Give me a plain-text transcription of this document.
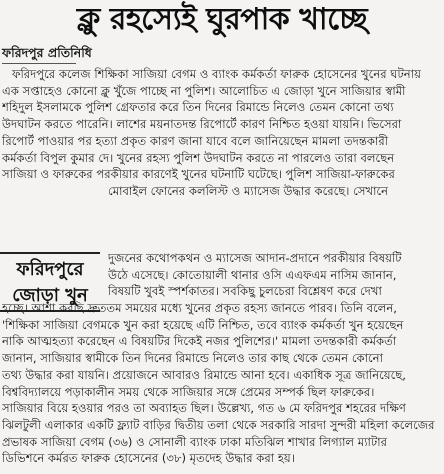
ক্লু রহস্যেই ঘুরপাক খাচ্ছে
ফরিদপুর প্রতিনিধি
ফরিদপুরে কলেজ শিক্ষিকা সাজিয়া বেগম ও ব্যাংক কর্মকর্তা ফারুক হোসেনের খুনের ঘটনায়
এক সপ্তাহেও কোনো ক্লু খুঁজে পাচ্ছে না পুলিশ। আলোচিত এ জোড়া খুনে সাজিয়ার স্বামী
শহিদুল ইসলামকে পুলিশ গ্রেফতার করে তিন দিনের রিমান্ডে নিলেও তেমন কোনো তথ্য
উদঘাটন করতে পারেনি। লাশের ময়নাতদন্ত রিপোর্টে কারণ নিশ্চিত হওয়া যায়নি। ভিসেরা
রিপোর্ট পাওয়ার পর হত্যা প্রকৃত কারণ জানা যাবে বলে জানিয়েছেন মামলা তদন্তকারী
কর্মকর্তা বিপুল কুমার দে। খুনের রহস্য পুলিশ উদঘাটন করতে না পারলেও তারা বলছেন
সাজিয়া ও ফারুকের পরকীয়ার কারণেই খুনের ঘটনাটি ঘটেছে। পুলিশ সাজিয়া-ফারুকের
মোবাইল ফোনের কললিস্ট ও ম্যাসেজ উদ্ধার করেছে। সেখানে
ফরিদপুরে
জোড়া খুন
দুজনের কথোপকথন ও ম্যাসেজ আদান-প্রদানে পরকীয়ার বিষয়টি
উঠে এসেছে। কোতোয়ালী থানার ওসি এএফএম নাসিম জানান,
বিষয়টি খুবই স্পর্শকাতর। সবকিছু চুলচেরা বিশ্লেষণ করে দেখা
হচ্ছে। আশা করছি দ্রুততম সময়ের মধ্যে খুনের প্রকৃত রহস্য জানতে পারব। তিনি বলেন,
'শিক্ষিকা সাজিয়া বেগমকে খুন করা হয়েছে এটি নিশ্চিত, তবে ব্যাংক কর্মকর্তা খুন হয়েছেন
নাকি আত্মহত্যা করেছেন এ বিষয়টির দিকেই নজর পুলিশের।' মামলা তদন্তকারী কর্মকর্তা
জানান, সাজিয়ার স্বামীকে তিন দিনের রিমান্ডে নিলেও তার কাছ থেকে তেমন কোনো
তথ্য উদ্ধার করা যায়নি। প্রয়োজনে আবারও রিমান্ডে আনা হবে। একাধিক সূত্র জানিয়েছে,
বিশ্ববিদ্যালয়ে পড়াকালীন সময় থেকে সাজিয়ার সঙ্গে প্রেমের সম্পর্ক ছিল ফারুকের।
সাজিয়ার বিয়ে হওয়ার পরও তা অব্যাহত ছিল। উল্লেখ্য, গত ৬ মে ফরিদপুর শহরের দক্ষিণ
ঝিলটুলী এলাকার একটি ফ্ল্যাট বাড়ির দ্বিতীয় তলা থেকে সরকারি সারদা সুন্দরী মহিলা কলেজের
প্রভাষক সাজিয়া বেগম (৩৬) ও সোনালী ব্যাংক ঢাকা মতিঝিল শাখার লিগ্যাল ম্যাটার
ডিভিশনে কর্মরত ফারুক হোসেনের (৩৮) মৃতদেহ উদ্ধার করা হয়।
